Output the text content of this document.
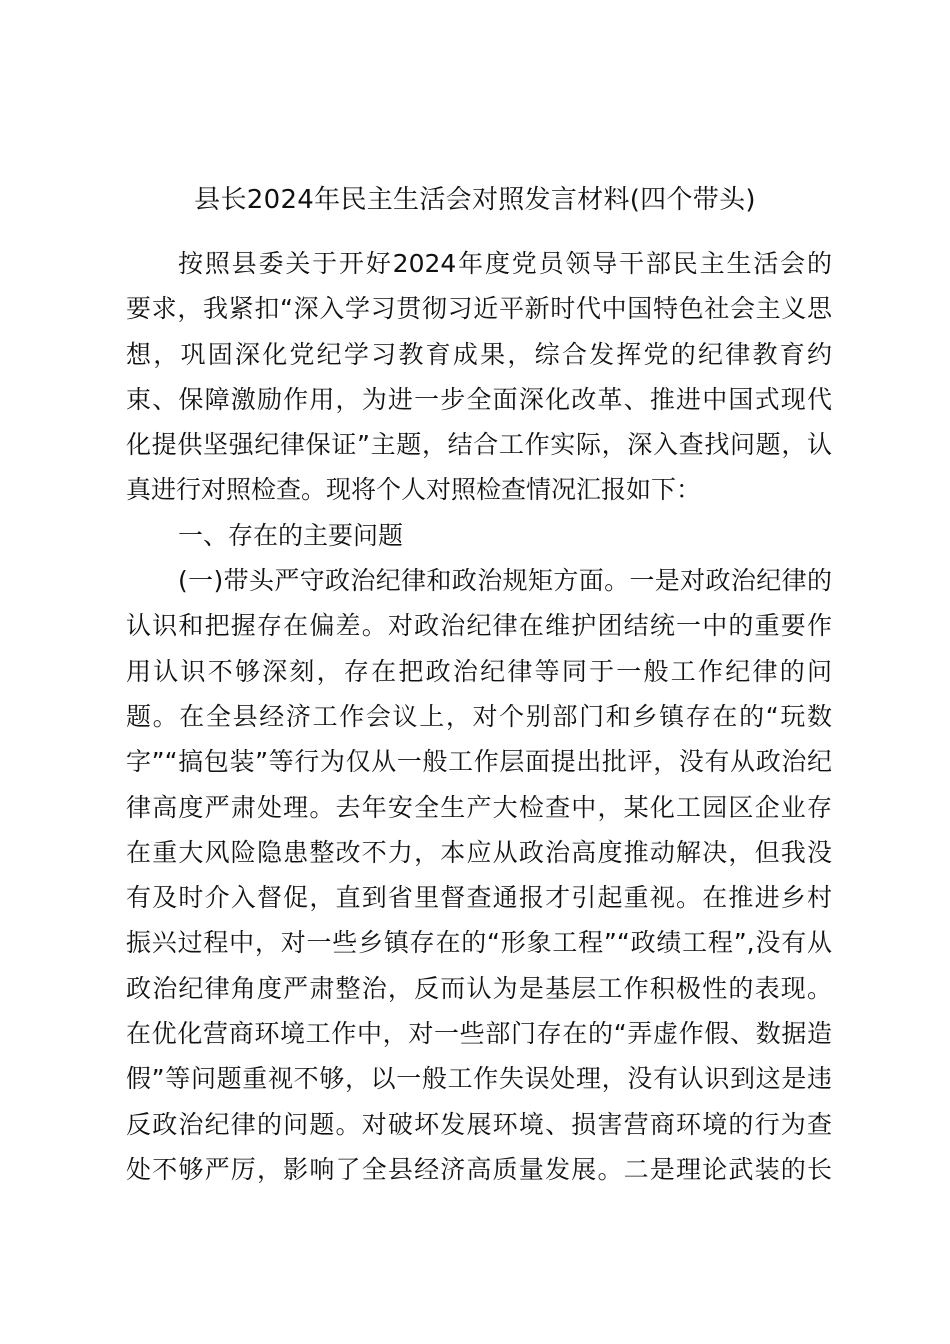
县长2024年民主生活会对照发言材料(四个带头)
按照县委关于开好2024年度党员领导干部民主生活会的
要求，我紧扣“深入学习贯彻习近平新时代中国特色社会主义思
想，巩固深化党纪学习教育成果，综合发挥党的纪律教育约
束、保障激励作用，为进一步全面深化改革、推进中国式现代
化提供坚强纪律保证”主题，结合工作实际，深入查找问题，认
真进行对照检查。现将个人对照检查情况汇报如下：
一、存在的主要问题
(一)带头严守政治纪律和政治规矩方面。一是对政治纪律的
认识和把握存在偏差。对政治纪律在维护团结统一中的重要作
用认识不够深刻，存在把政治纪律等同于一般工作纪律的问
题。在全县经济工作会议上，对个别部门和乡镇存在的“玩数
字”“搞包装”等行为仅从一般工作层面提出批评，没有从政治纪
律高度严肃处理。去年安全生产大检查中，某化工园区企业存
在重大风险隐患整改不力，本应从政治高度推动解决，但我没
有及时介入督促，直到省里督查通报才引起重视。在推进乡村
振兴过程中，对一些乡镇存在的“形象工程”“政绩工程”,没有从
政治纪律角度严肃整治，反而认为是基层工作积极性的表现。
在优化营商环境工作中，对一些部门存在的“弄虚作假、数据造
假”等问题重视不够，以一般工作失误处理，没有认识到这是违
反政治纪律的问题。对破坏发展环境、损害营商环境的行为查
处不够严厉，影响了全县经济高质量发展。二是理论武装的长
